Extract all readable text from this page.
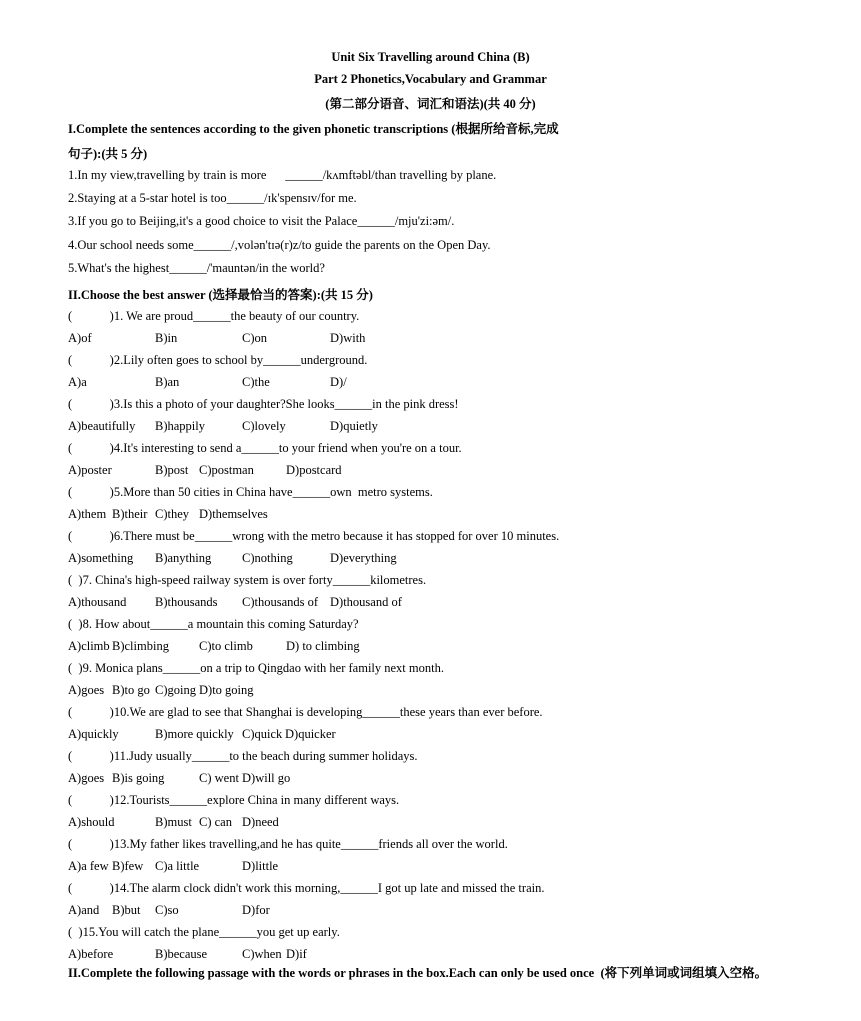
Unit Six Travelling around China (B)
Part 2 Phonetics,Vocabulary and Grammar
(第二部分语音、词汇和语法)(共 40 分)
I.Complete the sentences according to the given phonetic transcriptions (根据所给音标,完成
句子):(共 5 分)
1.In my view,travelling by train is more      ______/kʌmftəbl/than travelling by plane.
2.Staying at a 5-star hotel is too______/ɪk'spensɪv/for me.
3.If you go to Beijing,it's a good choice to visit the Palace______/mju'zi:əm/.
4.Our school needs some______/,volən'tɪə(r)z/to guide the parents on the Open Day.
5.What's the highest______/'mauntən/in the world?
II.Choose the best answer (选择最恰当的答案):(共 15 分)
(            )1. We are proud______the beauty of our country.
A)of	B)in	C)on	D)with
(            )2.Lily often goes to school by______underground.
A)a	B)an	C)the	D)/
(            )3.Is this a photo of your daughter?She looks______in the pink dress!
A)beautifully B)happily	C)lovely	D)quietly
(            )4.It's interesting to send a______to your friend when you're on a tour.
A)poster	B)post C)postman	D)postcard
(            )5.More than 50 cities in China have______own  metro systems.
A)them B)their C)they D)themselves
(            )6.There must be______wrong with the metro because it has stopped for over 10 minutes.
A)something B)anything C)nothing	D)everything
(  )7. China's high-speed railway system is over forty______kilometres.
A)thousand B)thousands C)thousands of D)thousand of
(  )8. How about______a mountain this coming Saturday?
A)climb B)climbing C)to climb	D) to climbing
(  )9. Monica plans______on a trip to Qingdao with her family next month.
A)goes B)to go C)going D)to going
(            )10.We are glad to see that Shanghai is developing______these years than ever before.
A)quickly	B)more quickly C)quick D)quicker
(            )11.Judy usually______to the beach during summer holidays.
A)goes B)is going	C) went D)will go
(            )12.Tourists______explore China in many different ways.
A)should	B)must C) can D)need
(            )13.My father likes travelling,and he has quite______friends all over the world.
A)a few B)few C)a little	D)little
(            )14.The alarm clock didn't work this morning,______I got up late and missed the train.
A)and B)but C)so	D)for
(  )15.You will catch the plane______you get up early.
A)before	B)because	C)when D)if
II.Complete the following passage with the words or phrases in the box.Each can only be used once  (将下列单词或词组填入空格。
